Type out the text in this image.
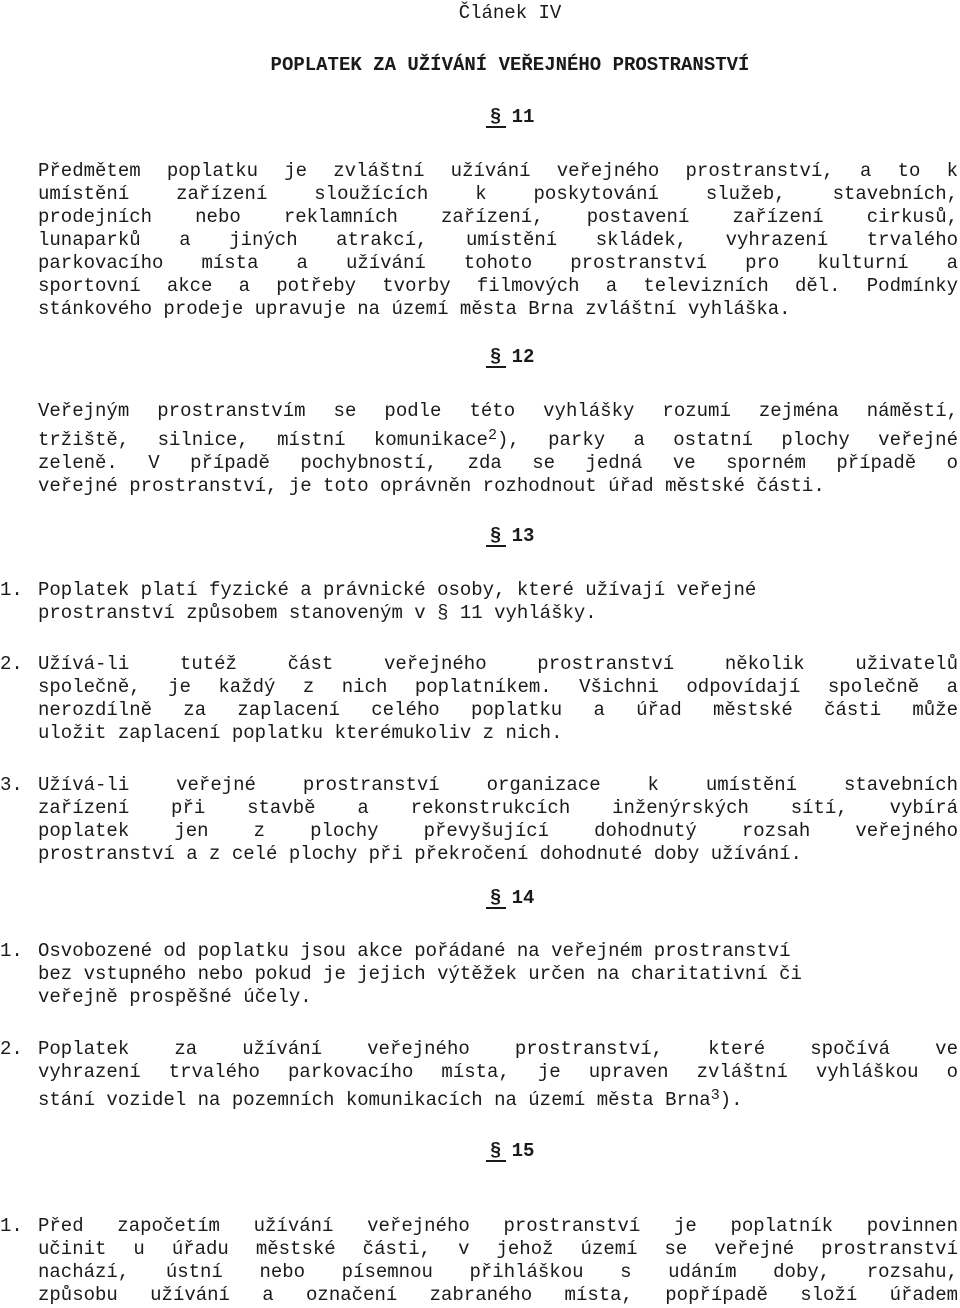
Článek IV
POPLATEK ZA UŽÍVÁNÍ VEŘEJNÉHO PROSTRANSTVÍ
§ 11
Předmětem poplatku je zvláštní užívání veřejného prostranství, a to k
umístění zařízení sloužících k poskytování služeb, stavebních,
prodejních nebo reklamních zařízení, postavení zařízení cirkusů,
lunaparků a jiných atrakcí, umístění skládek, vyhrazení trvalého
parkovacího místa a užívání tohoto prostranství pro kulturní a
sportovní akce a potřeby tvorby filmových a televizních děl. Podmínky
stánkového prodeje upravuje na území města Brna zvláštní vyhláška.
§ 12
Veřejným prostranstvím se podle této vyhlášky rozumí zejména náměstí,
tržiště, silnice, místní komunikace$^2$), parky a ostatní plochy veřejné
zeleně. V případě pochybností, zda se jedná ve sporném případě o
veřejné prostranství, je toto oprávněn rozhodnout úřad městské části.
§ 13
1. Poplatek platí fyzické a právnické osoby, které užívají veřejné
prostranství způsobem stanoveným v § 11 vyhlášky.
2. Užívá-li tutéž část veřejného prostranství několik uživatelů
společně, je každý z nich poplatníkem. Všichni odpovídají společně a
nerozdílně za zaplacení celého poplatku a úřad městské části může
uložit zaplacení poplatku kterémukoliv z nich.
3. Užívá-li veřejné prostranství organizace k umístění stavebních
zařízení při stavbě a rekonstrukcích inženýrských sítí, vybírá
poplatek jen z plochy převyšující dohodnutý rozsah veřejného
prostranství a z celé plochy při překročení dohodnuté doby užívání.
§ 14
1. Osvobozené od poplatku jsou akce pořádané na veřejném prostranství
bez vstupného nebo pokud je jejich výtěžek určen na charitativní či
veřejně prospěšné účely.
2. Poplatek za užívání veřejného prostranství, které spočívá ve
vyhrazení trvalého parkovacího místa, je upraven zvláštní vyhláškou o
stání vozidel na pozemních komunikacích na území města Brna$^3$).
§ 15
1. Před započetím užívání veřejného prostranství je poplatník povinnen
učinit u úřadu městské části, v jehož území se veřejné prostranství
nachází, ústní nebo písemnou přihláškou s udáním doby, rozsahu,
způsobu užívání a označení zabraného místa, popřípadě složí úřadem
